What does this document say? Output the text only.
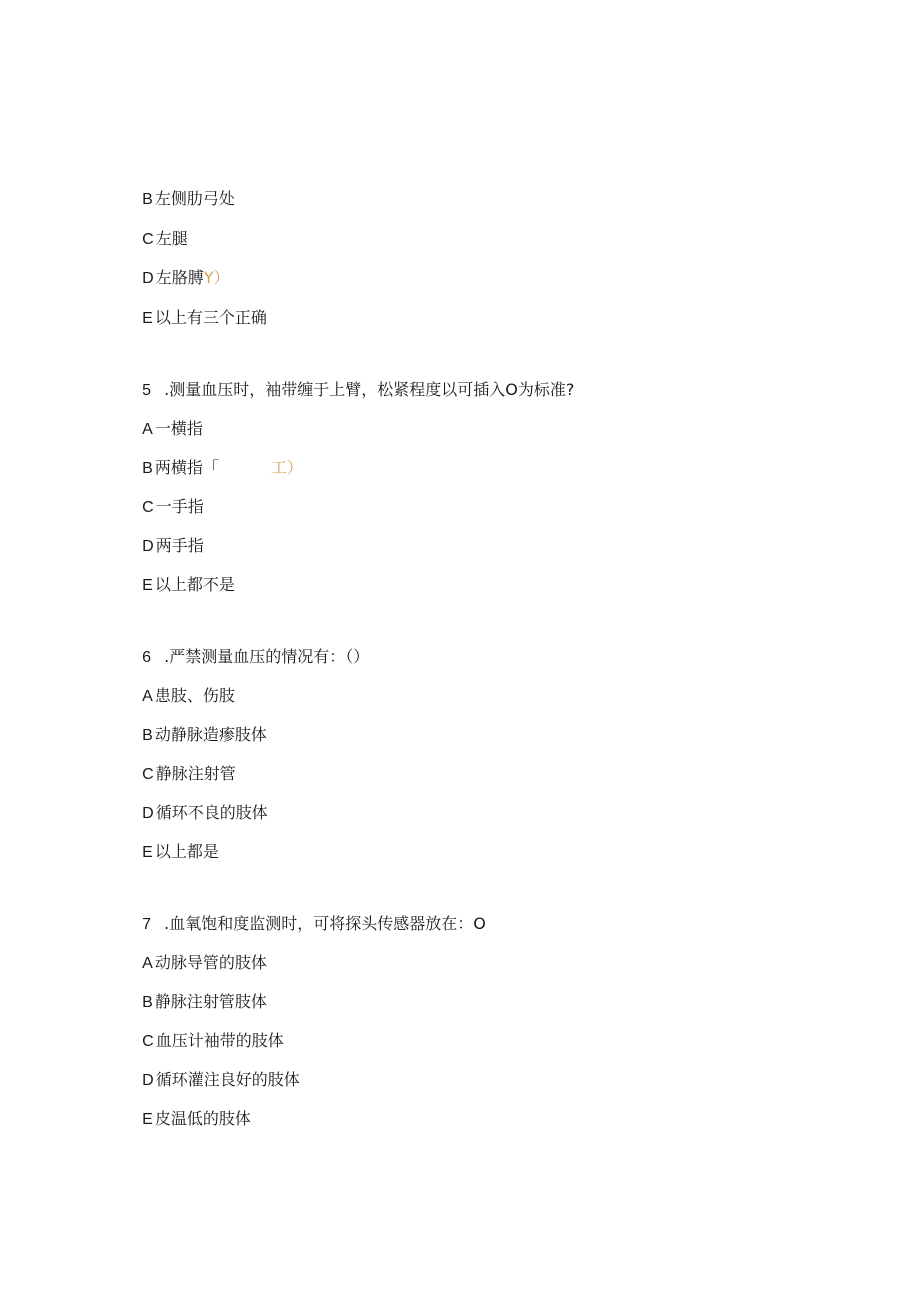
B 左侧肋弓处

C 左腿

D 左胳膊Y）

E 以上有三个正确

5 .测量血压时，袖带缠于上臂，松紧程度以可插入O为标准?

A 一横指

B 两横指「	工）

C 一手指

D 两手指

E 以上都不是

6 .严禁测量血压的情况有：（）

A 患肢、伤肢

B 动静脉造瘆肢体

C 静脉注射管

D 循环不良的肢体

E 以上都是

7 .血氧饱和度监测时，可将探头传感器放在：O

A 动脉导管的肢体

B 静脉注射管肢体

C 血压计袖带的肢体

D 循环灌注良好的肢体

E 皮温低的肢体
